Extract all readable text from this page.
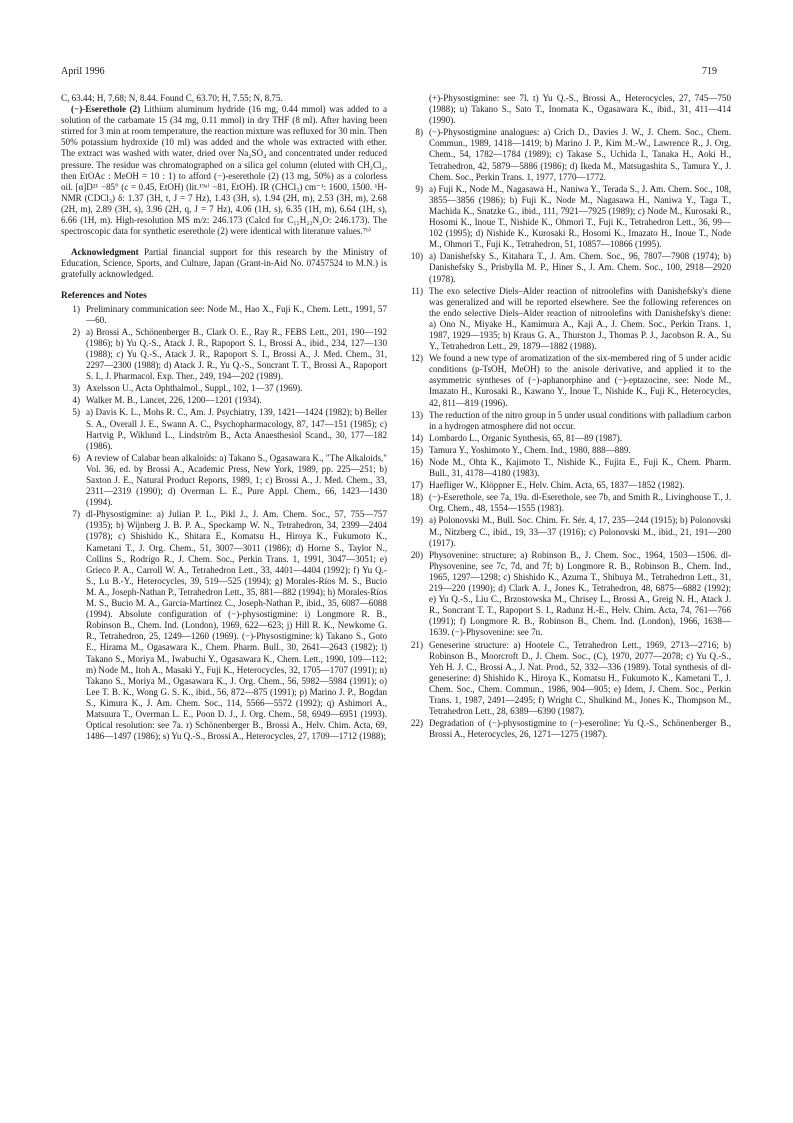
April 1996	719

C, 63.44; H, 7.68; N, 8.44. Found C, 63.70; H, 7.55; N, 8.75.

(−)-Eserethole (2) Lithium aluminum hydride (16 mg, 0.44 mmol) was added to a solution of the carbamate 15 (34 mg, 0.11 mmol) in dry THF (8 ml). After having been stirred for 3 min at room temperature, the reaction mixture was refluxed for 30 min. Then 50% potassium hydroxide (10 ml) was added and the whole was extracted with ether. The extract was washed with water, dried over Na₂SO₄ and concentrated under reduced pressure. The residue was chromatographed on a silica gel column (eluted with CH₂Cl₂, then EtOAc : MeOH = 10 : 1) to afford (−)-eserethole (2) (13 mg, 50%) as a colorless oil. [α]D²¹ −85° (c = 0.45, EtOH) (lit.¹⁹ᵃ⁾ −81, EtOH). IR (CHCl₃) cm⁻¹: 1600, 1500. ¹H-NMR (CDCl₃) δ: 1.37 (3H, t, J = 7 Hz), 1.43 (3H, s), 1.94 (2H, m), 2.53 (3H, m), 2.68 (2H, m), 2.89 (3H, s), 3.96 (2H, q, J = 7 Hz), 4.06 (1H, s), 6.35 (1H, m), 6.64 (1H, s), 6.66 (1H, m). High-resolution MS m/z: 246.173 (Calcd for C₁₅H₂₂N₂O: 246.173). The spectroscopic data for synthetic eserethole (2) were identical with literature values.⁷ᵇ⁾

Acknowledgment Partial financial support for this research by the Ministry of Education, Science, Sports, and Culture, Japan (Grant-in-Aid No. 07457524 to M.N.) is gratefully acknowledged.

References and Notes
1) Preliminary communication see: Node M., Hao X., Fuji K., Chem. Lett., 1991, 57—60.
2) a) Brossi A., Schönenberger B., Clark O. E., Ray R., FEBS Lett., 201, 190—192 (1986); b) Yu Q.-S., Atack J. R., Rapoport S. I., Brossi A., ibid., 234, 127—130 (1988); c) Yu Q.-S., Atack J. R., Rapoport S. I., Brossi A., J. Med. Chem., 31, 2297—2300 (1988); d) Atack J. R., Yu Q.-S., Soncrant T. T., Brossi A., Rapoport S. I., J. Pharmacol. Exp. Ther., 249, 194—202 (1989).
3) Axelsson U., Acta Ophthalmol., Suppl., 102, 1—37 (1969).
4) Walker M. B., Lancet, 226, 1200—1201 (1934).
5) a) Davis K. L., Mohs R. C., Am. J. Psychiatry, 139, 1421—1424 (1982); b) Beller S. A., Overall J. E., Swann A. C., Psychopharmacology, 87, 147—151 (1985); c) Hartvig P., Wiklund L., Lindström B., Acta Anaesthesiol Scand., 30, 177—182 (1986).
6) A review of Calabar bean alkaloids: a) Takano S., Ogasawara K., "The Alkaloids," Vol. 36, ed. by Brossi A., Academic Press, New York, 1989, pp. 225—251; b) Saxton J. E., Natural Product Reports, 1989, 1; c) Brossi A., J. Med. Chem., 33, 2311—2319 (1990); d) Overman L. E., Pure Appl. Chem., 66, 1423—1430 (1994).
7) dl-Physostigmine: a) Julian P. L., Pikl J., J. Am. Chem. Soc., 57, 755—757 (1935); b) Wijnberg J. B. P. A., Speckamp W. N., Tetrahedron, 34, 2399—2404 (1978); c) Shishido K., Shitara E., Komatsu H., Hiroya K., Fukumoto K., Kametani T., J. Org. Chem., 51, 3007—3011 (1986); d) Horne S., Taylor N., Collins S., Rodrigo R., J. Chem. Soc., Perkin Trans. 1, 1991, 3047—3051; e) Grieco P. A., Carroll W. A., Tetrahedron Lett., 33, 4401—4404 (1992); f) Yu Q.-S., Lu B.-Y., Heterocycles, 39, 519—525 (1994); g) Morales-Ríos M. S., Bucio M. A., Joseph-Nathan P., Tetrahedron Lett., 35, 881—882 (1994); h) Morales-Ríos M. S., Bucio M. A., García-Martínez C., Joseph-Nathan P., ibid., 35, 6087—6088 (1994). Absolute configuration of (−)-physostigmine: i) Longmore R. B., Robinson B., Chem. Ind. (London), 1969, 622—623; j) Hill R. K., Newkome G. R., Tetrahedron, 25, 1249—1260 (1969). (−)-Physostigmine: k) Takano S., Goto E., Hirama M., Ogasawara K., Chem. Pharm. Bull., 30, 2641—2643 (1982); l) Takano S., Moriya M., Iwabuchi Y., Ogasawara K., Chem. Lett., 1990, 109—112; m) Node M., Itoh A., Masaki Y., Fuji K., Heterocycles, 32, 1705—1707 (1991); n) Takano S., Moriya M., Ogasawara K., J. Org. Chem., 56, 5982—5984 (1991); o) Lee T. B. K., Wong G. S. K., ibid., 56, 872—875 (1991); p) Marino J. P., Bogdan S., Kimura K., J. Am. Chem. Soc., 114, 5566—5572 (1992); q) Ashimori A., Matsuura T., Overman L. E., Poon D. J., J. Org. Chem., 58, 6949—6951 (1993). Optical resolution: see 7a. r) Schönenberger B., Brossi A., Helv. Chim. Acta, 69, 1486—1497 (1986); s) Yu Q.-S., Brossi A., Heterocycles, 27, 1709—1712 (1988);
(+)-Physostigmine: see 7l. t) Yu Q.-S., Brossi A., Heterocycles, 27, 745—750 (1988); u) Takano S., Sato T., Inomata K., Ogasawara K., ibid., 31, 411—414 (1990).
8) (−)-Physostigmine analogues: a) Crich D., Davies J. W., J. Chem. Soc., Chem. Commun., 1989, 1418—1419; b) Marino J. P., Kim M.-W., Lawrence R., J. Org. Chem., 54, 1782—1784 (1989); c) Takase S., Uchida I., Tanaka H., Aoki H., Tetrahedron, 42, 5879—5886 (1986); d) Ikeda M., Matsugashita S., Tamura Y., J. Chem. Soc., Perkin Trans. 1, 1977, 1770—1772.
9) a) Fuji K., Node M., Nagasawa H., Naniwa Y., Terada S., J. Am. Chem. Soc., 108, 3855—3856 (1986); b) Fuji K., Node M., Nagasawa H., Naniwa Y., Taga T., Machida K., Snatzke G., ibid., 111, 7921—7925 (1989); c) Node M., Kurosaki R., Hosomi K., Inoue T., Nishide K., Ohmori T., Fuji K., Tetrahedron Lett., 36, 99—102 (1995); d) Nishide K., Kurosaki R., Hosomi K., Imazato H., Inoue T., Node M., Ohmori T., Fuji K., Tetrahedron, 51, 10857—10866 (1995).
10) a) Danishefsky S., Kitahara T., J. Am. Chem. Soc., 96, 7807—7908 (1974); b) Danishefsky S., Prisbylla M. P., Hiner S., J. Am. Chem. Soc., 100, 2918—2920 (1978).
11) The exo selective Diels–Alder reaction of nitroolefins with Danishefsky's diene was generalized and will be reported elsewhere. See the following references on the endo selective Diels–Alder reaction of nitroolefins with Danishefsky's diene: a) Ono N., Miyake H., Kamimura A., Kaji A., J. Chem. Soc., Perkin Trans. 1, 1987, 1929—1935; b) Kraus G. A., Thurston J., Thomas P. J., Jacobson R. A., Su Y., Tetrahedron Lett., 29, 1879—1882 (1988).
12) We found a new type of aromatization of the six-membered ring of 5 under acidic conditions (p-TsOH, MeOH) to the anisole derivative, and applied it to the asymmetric syntheses of (−)-aphanorphine and (−)-eptazocine, see: Node M., Imazato H., Kurosaki R., Kawano Y., Inoue T., Nishide K., Fuji K., Heterocycles, 42, 811—819 (1996).
13) The reduction of the nitro group in 5 under usual conditions with palladium carbon in a hydrogen atmosphere did not occur.
14) Lombardo L., Organic Synthesis, 65, 81—89 (1987).
15) Tamura Y., Yoshimoto Y., Chem. Ind., 1980, 888—889.
16) Node M., Ohta K., Kajimoto T., Nishide K., Fujita E., Fuji K., Chem. Pharm. Bull., 31, 4178—4180 (1983).
17) Haefliger W., Klöppner E., Helv. Chim. Acta, 65, 1837—1852 (1982).
18) (−)-Eserethole, see 7a, 19a. dl-Eserethole, see 7b, and Smith R., Livinghouse T., J. Org. Chem., 48, 1554—1555 (1983).
19) a) Polonovski M., Bull. Soc. Chim. Fr. Sér. 4, 17, 235—244 (1915); b) Polonovski M., Nitzberg C., ibid., 19, 33—37 (1916); c) Polonovski M., ibid., 21, 191—200 (1917).
20) Physovenine: structure; a) Robinson B., J. Chem. Soc., 1964, 1503—1506. dl-Physovenine, see 7c, 7d, and 7f; b) Longmore R. B., Robinson B., Chem. Ind., 1965, 1297—1298; c) Shishido K., Azuma T., Shibuya M., Tetrahedron Lett., 31, 219—220 (1990); d) Clark A. J., Jones K., Tetrahedron, 48, 6875—6882 (1992); e) Yu Q.-S., Liu C., Brzostowska M., Chrisey L., Brossi A., Greig N. H., Atack J. R., Soncrant T. T., Rapoport S. I., Radunz H.-E., Helv. Chim. Acta, 74, 761—766 (1991); f) Longmore R. B., Robinson B., Chem. Ind. (London), 1966, 1638—1639. (−)-Physovenine: see 7n.
21) Geneserine structure: a) Hootele C., Tetrahedron Lett., 1969, 2713—2716; b) Robinson B., Moorcroft D., J. Chem. Soc., (C), 1970, 2077—2078; c) Yu Q.-S., Yeh H. J. C., Brossi A., J. Nat. Prod., 52, 332—336 (1989). Total synthesis of dl-geneserine: d) Shishido K., Hiroya K., Komatsu H., Fukumoto K., Kametani T., J. Chem. Soc., Chem. Commun., 1986, 904—905; e) Idem, J. Chem. Soc., Perkin Trans. 1, 1987, 2491—2495; f) Wright C., Shulkind M., Jones K., Thompson M., Tetrahedron Lett., 28, 6389—6390 (1987).
22) Degradation of (−)-physostigmine to (−)-eseroline: Yu Q.-S., Schönenberger B., Brossi A., Heterocycles, 26, 1271—1275 (1987).
